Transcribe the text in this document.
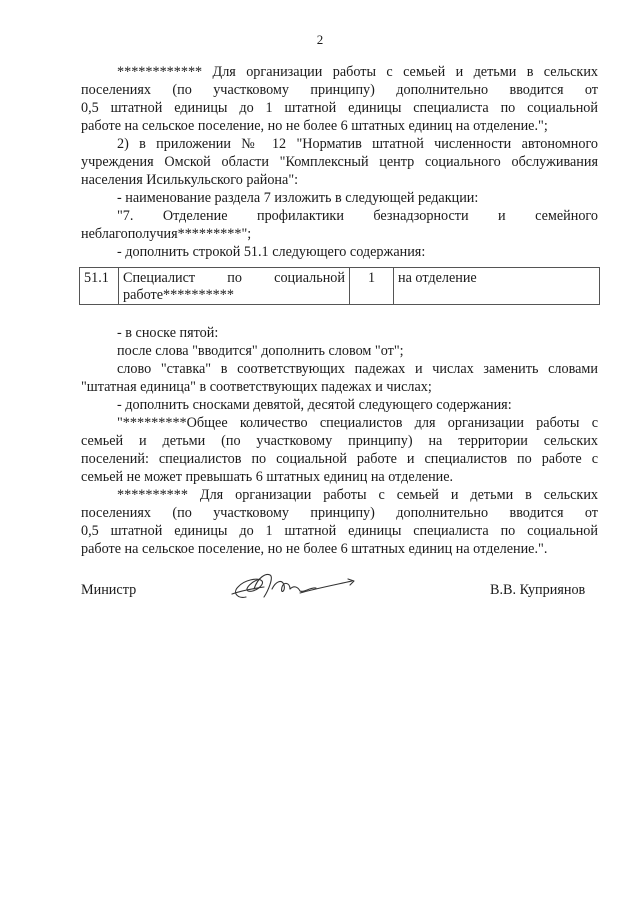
2
************ Для организации работы с семьей и детьми в сельских
поселениях (по участковому принципу) дополнительно вводится от
0,5 штатной единицы до 1 штатной единицы специалиста по социальной
работе на сельское поселение, но не более 6 штатных единиц на отделение.";
2) в приложении № 12 "Норматив штатной численности автономного
учреждения Омской области "Комплексный центр социального обслуживания
населения Исилькульского района":
- наименование раздела 7 изложить в следующей редакции:
"7. Отделение профилактики безнадзорности и семейного
неблагополучия*********";
- дополнить строкой 51.1 следующего содержания:
51.1	Специалист по социальной
работе**********	1	на отделение
- в сноске пятой:
после слова "вводится" дополнить словом "от";
слово "ставка" в соответствующих падежах и числах заменить словами
"штатная единица" в соответствующих падежах и числах;
- дополнить сносками девятой, десятой следующего содержания:
"*********Общее количество специалистов для организации работы с
семьей и детьми (по участковому принципу) на территории сельских
поселений: специалистов по социальной работе и специалистов по работе с
семьей не может превышать 6 штатных единиц на отделение.
********** Для организации работы с семьей и детьми в сельских
поселениях (по участковому принципу) дополнительно вводится от
0,5 штатной единицы до 1 штатной единицы специалиста по социальной
работе на сельское поселение, но не более 6 штатных единиц на отделение.".
Министр	В.В. Куприянов
